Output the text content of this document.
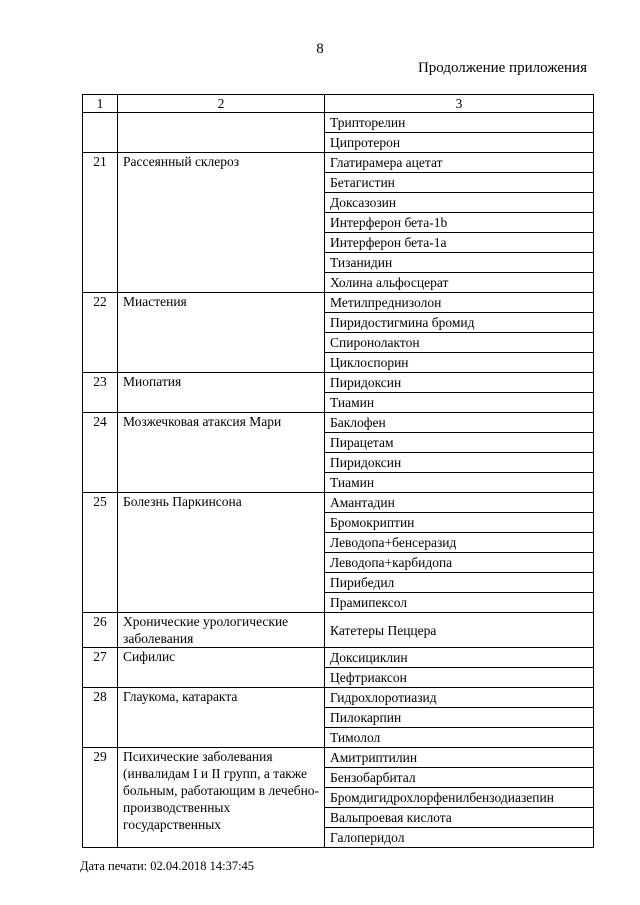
8
Продолжение приложения
1	2	3
		Трипторелин
		Ципротерон
21	Рассеянный склероз	Глатирамера ацетат
		Бетагистин
		Доксазозин
		Интерферон бета-1b
		Интерферон бета-1a
		Тизанидин
		Холина альфосцерат
22	Миастения	Метилпреднизолон
		Пиридостигмина бромид
		Спиронолактон
		Циклоспорин
23	Миопатия	Пиридоксин
		Тиамин
24	Мозжечковая атаксия Мари	Баклофен
		Пирацетам
		Пиридоксин
		Тиамин
25	Болезнь Паркинсона	Амантадин
		Бромокриптин
		Леводопа+бенсеразид
		Леводопа+карбидопа
		Пирибедил
		Прамипексол
26	Хронические урологические заболевания	Катетеры Пеццера
27	Сифилис	Доксициклин
		Цефтриаксон
28	Глаукома, катаракта	Гидрохлоротиазид
		Пилокарпин
		Тимолол
29	Психические заболевания (инвалидам I и II групп, а также больным, работающим в лечебно-производственных государственных	Амитриптилин
		Бензобарбитал
		Бромдигидрохлорфенилбензодиазепин
		Вальпроевая кислота
		Галоперидол
Дата печати: 02.04.2018 14:37:45
